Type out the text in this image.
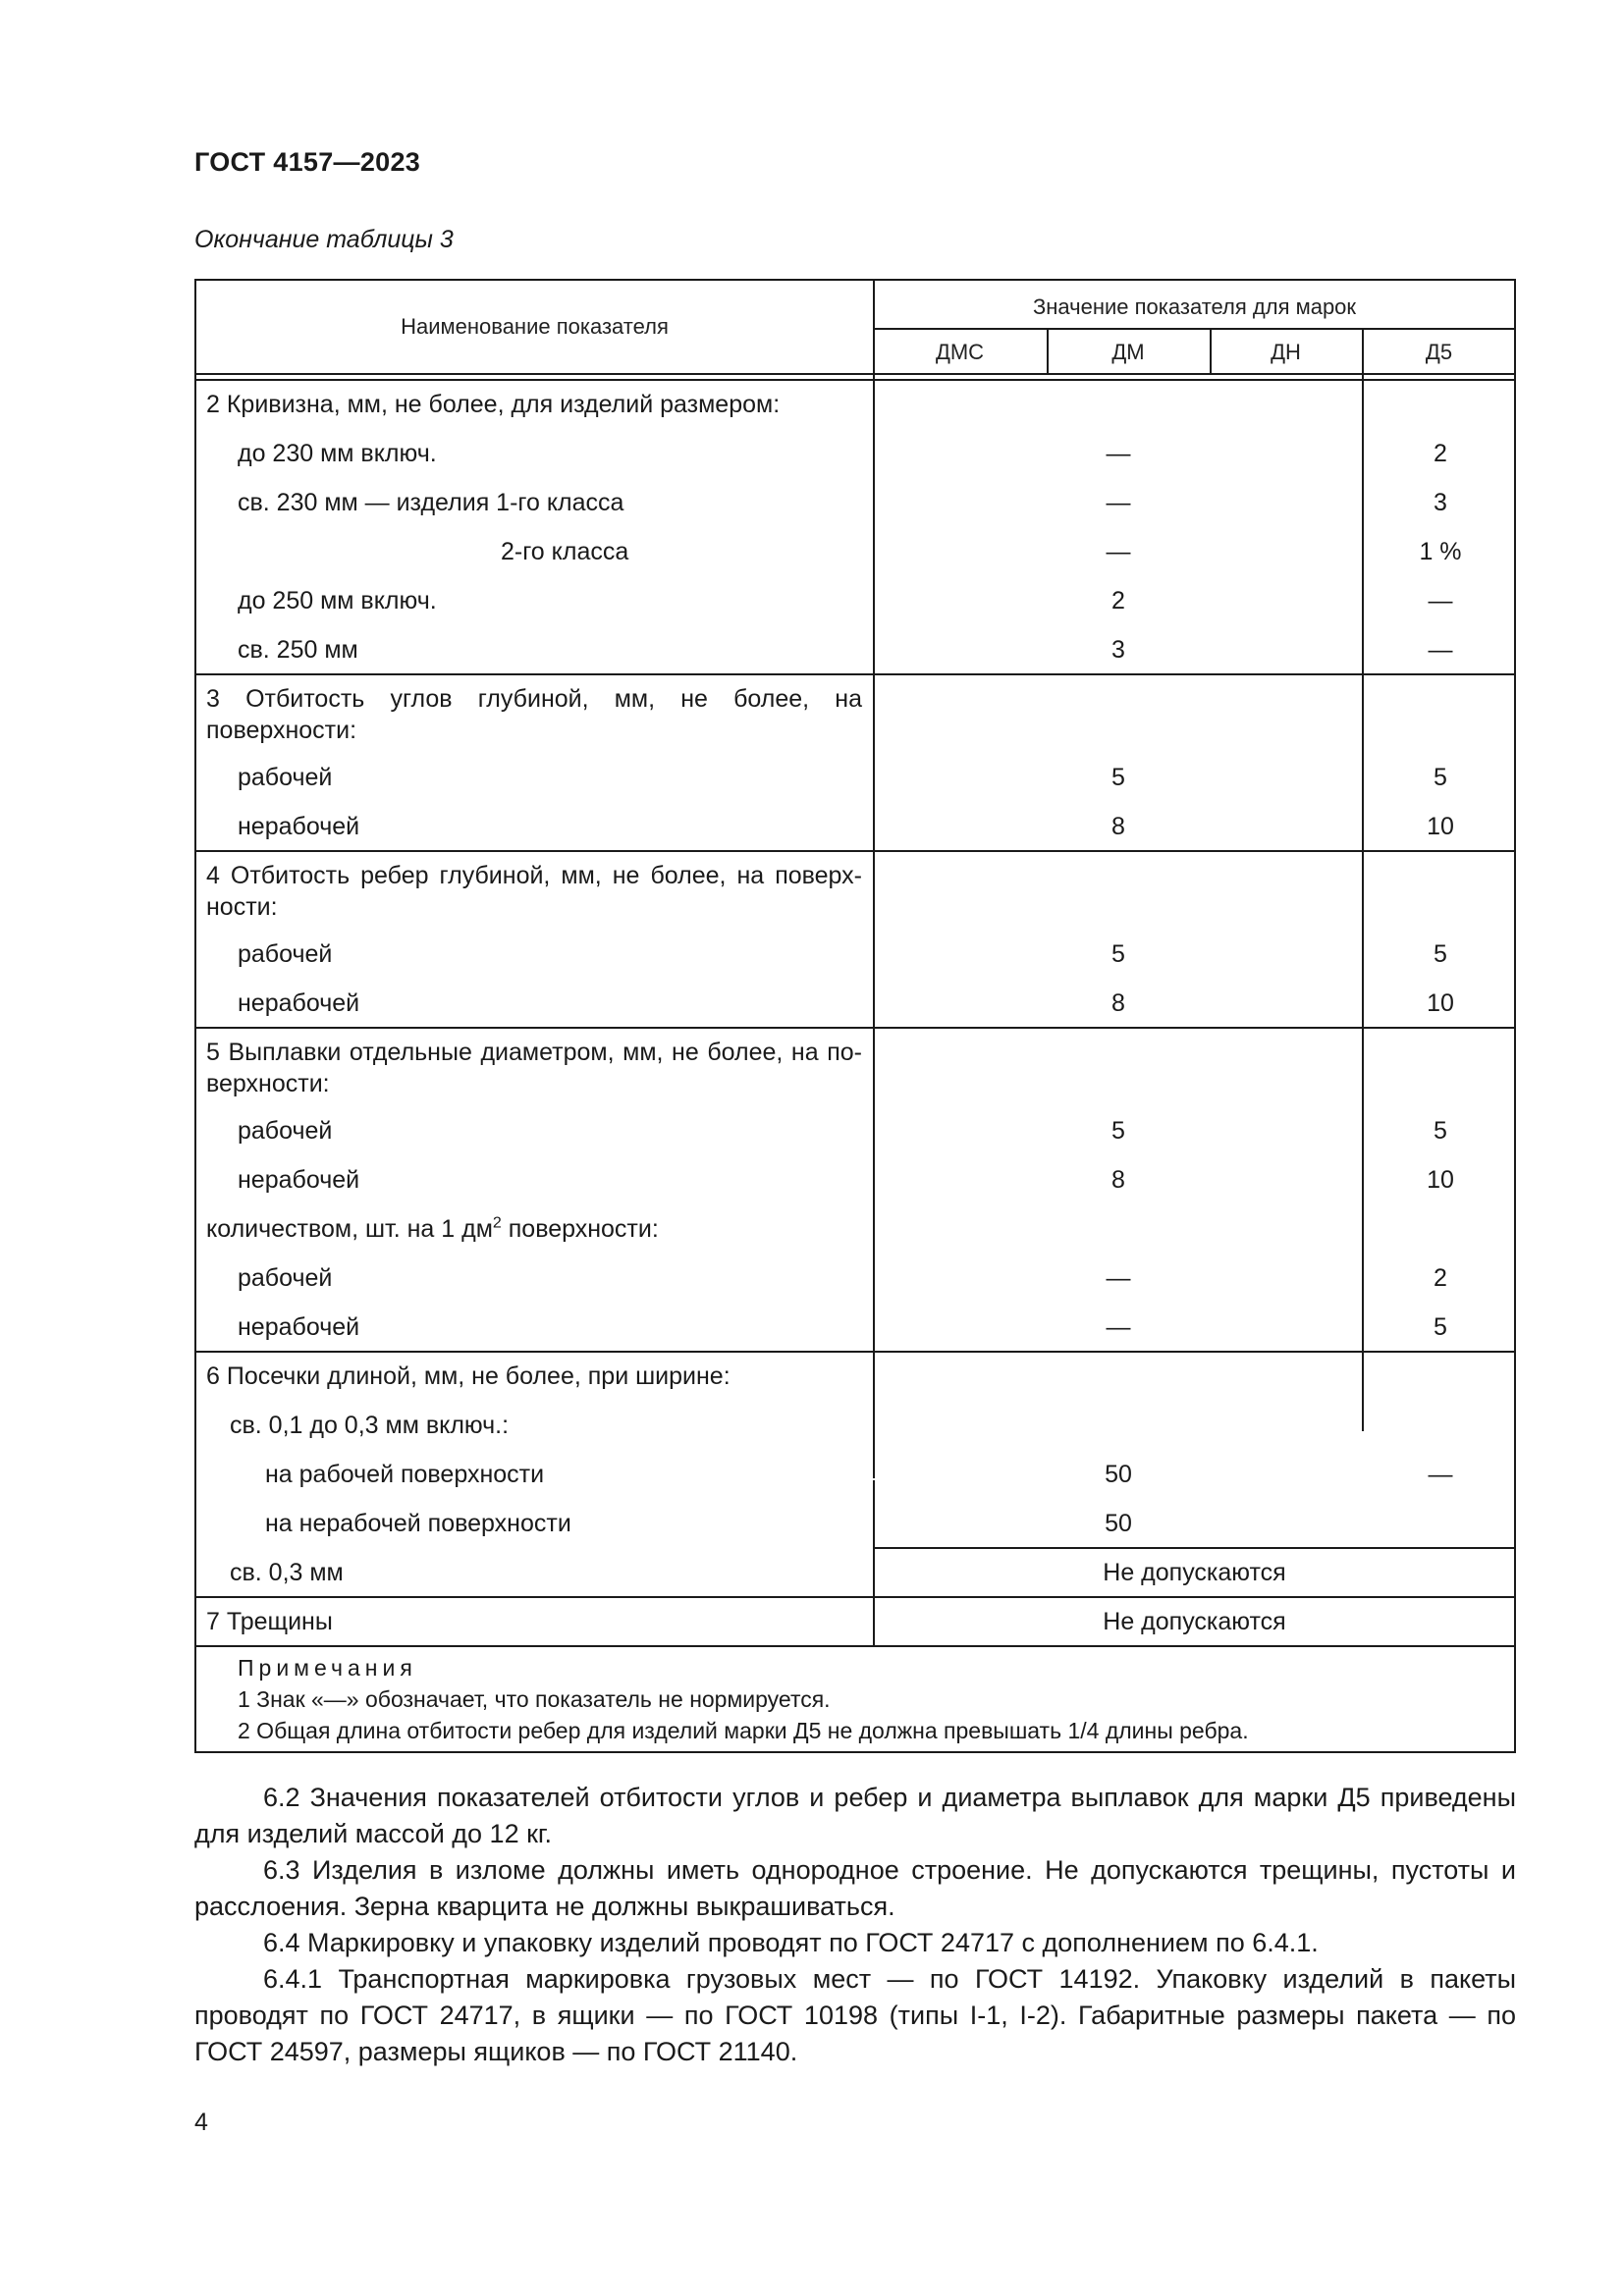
ГОСТ 4157—2023
Окончание таблицы 3
Наименование показателя
Значение показателя для марок
ДМС	ДМ	ДН	Д5
2 Кривизна, мм, не более, для изделий размером:
до 230 мм включ.	—	2
св. 230 мм — изделия 1-го класса	—	3
2-го класса	—	1 %
до 250 мм включ.	2	—
св. 250 мм	3	—
3 Отбитость углов глубиной, мм, не более, на
поверхности:
рабочей	5	5
нерабочей	8	10
4 Отбитость ребер глубиной, мм, не более, на поверх-
ности:
рабочей	5	5
нерабочей	8	10
5 Выплавки отдельные диаметром, мм, не более, на по-
верхности:
рабочей	5	5
нерабочей	8	10
количеством, шт. на 1 $дм^2$ поверхности:
рабочей	—	2
нерабочей	—	5
6 Посечки длиной, мм, не более, при ширине:
св. 0,1 до 0,3 мм включ.:
на рабочей поверхности	50	—
на нерабочей поверхности	50
св. 0,3 мм	Не допускаются
7 Трещины	Не допускаются
Примечания
1 Знак «—» обозначает, что показатель не нормируется.
2 Общая длина отбитости ребер для изделий марки Д5 не должна превышать 1/4 длины ребра.
6.2 Значения показателей отбитости углов и ребер и диаметра выплавок для марки Д5 приведены для изделий массой до 12 кг.
6.3 Изделия в изломе должны иметь однородное строение. Не допускаются трещины, пустоты и расслоения. Зерна кварцита не должны выкрашиваться.
6.4 Маркировку и упаковку изделий проводят по ГОСТ 24717 с дополнением по 6.4.1.
6.4.1 Транспортная маркировка грузовых мест — по ГОСТ 14192. Упаковку изделий в пакеты проводят по ГОСТ 24717, в ящики — по ГОСТ 10198 (типы I-1, I-2). Габаритные размеры пакета — по ГОСТ 24597, размеры ящиков — по ГОСТ 21140.
4
